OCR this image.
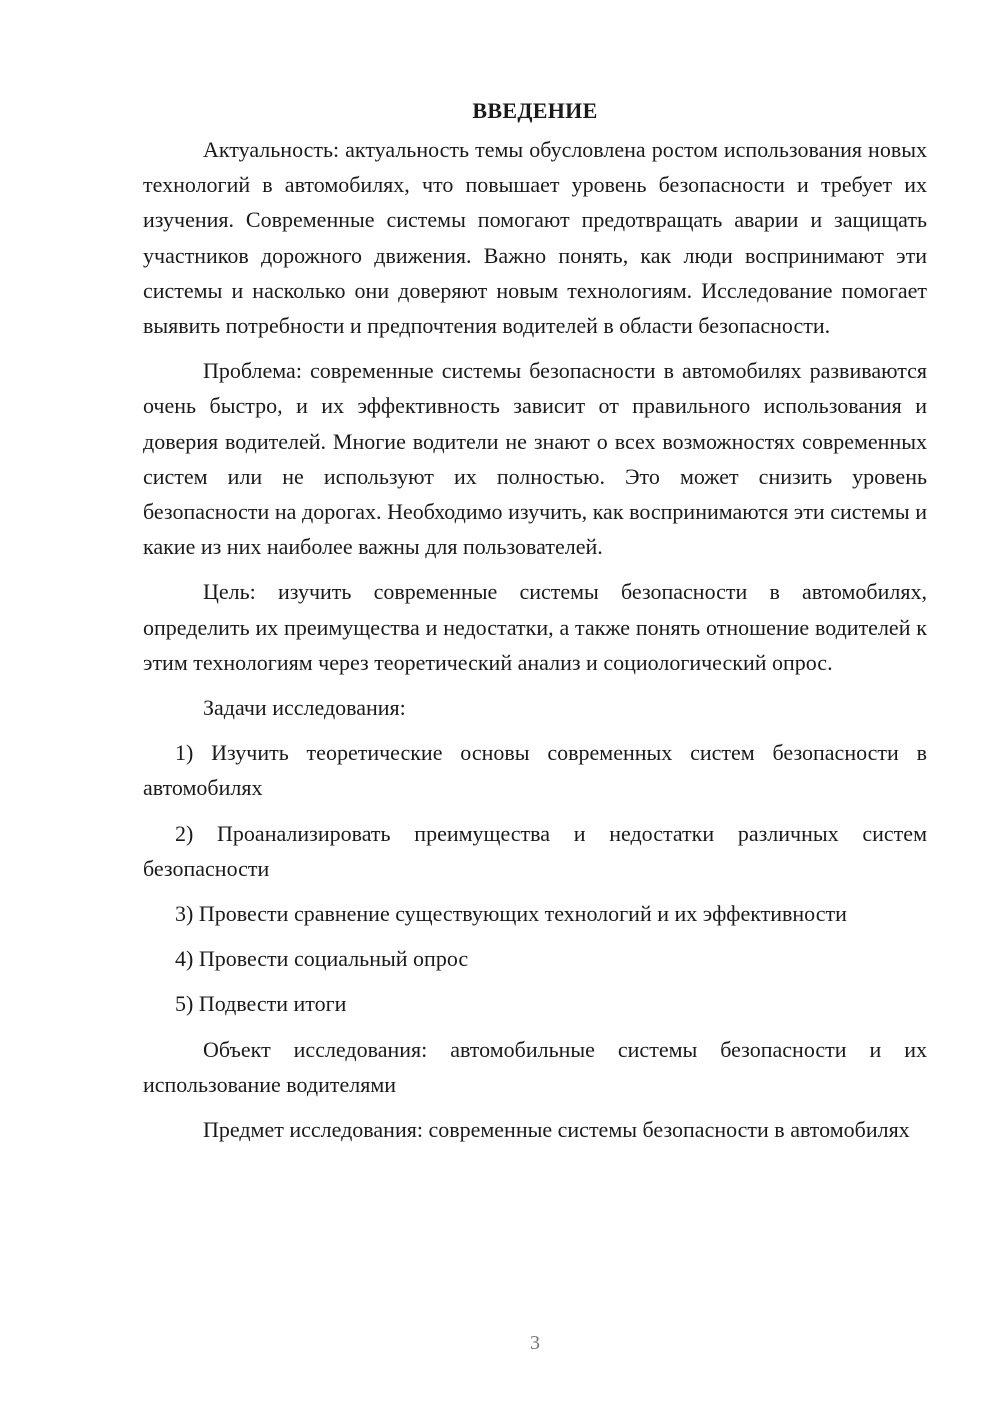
ВВЕДЕНИЕ

Актуальность: актуальность темы обусловлена ростом использования новых технологий в автомобилях, что повышает уровень безопасности и требует их изучения. Современные системы помогают предотвращать аварии и защищать участников дорожного движения. Важно понять, как люди воспринимают эти системы и насколько они доверяют новым технологиям. Исследование помогает выявить потребности и предпочтения водителей в области безопасности.

Проблема: современные системы безопасности в автомобилях развиваются очень быстро, и их эффективность зависит от правильного использования и доверия водителей. Многие водители не знают о всех возможностях современных систем или не используют их полностью. Это может снизить уровень безопасности на дорогах. Необходимо изучить, как воспринимаются эти системы и какие из них наиболее важны для пользователей.

Цель: изучить современные системы безопасности в автомобилях, определить их преимущества и недостатки, а также понять отношение водителей к этим технологиям через теоретический анализ и социологический опрос.

Задачи исследования:

1) Изучить теоретические основы современных систем безопасности в автомобилях

2) Проанализировать преимущества и недостатки различных систем безопасности

3) Провести сравнение существующих технологий и их эффективности

4) Провести социальный опрос

5) Подвести итоги

Объект исследования: автомобильные системы безопасности и их использование водителями

Предмет исследования: современные системы безопасности в автомобилях

3
